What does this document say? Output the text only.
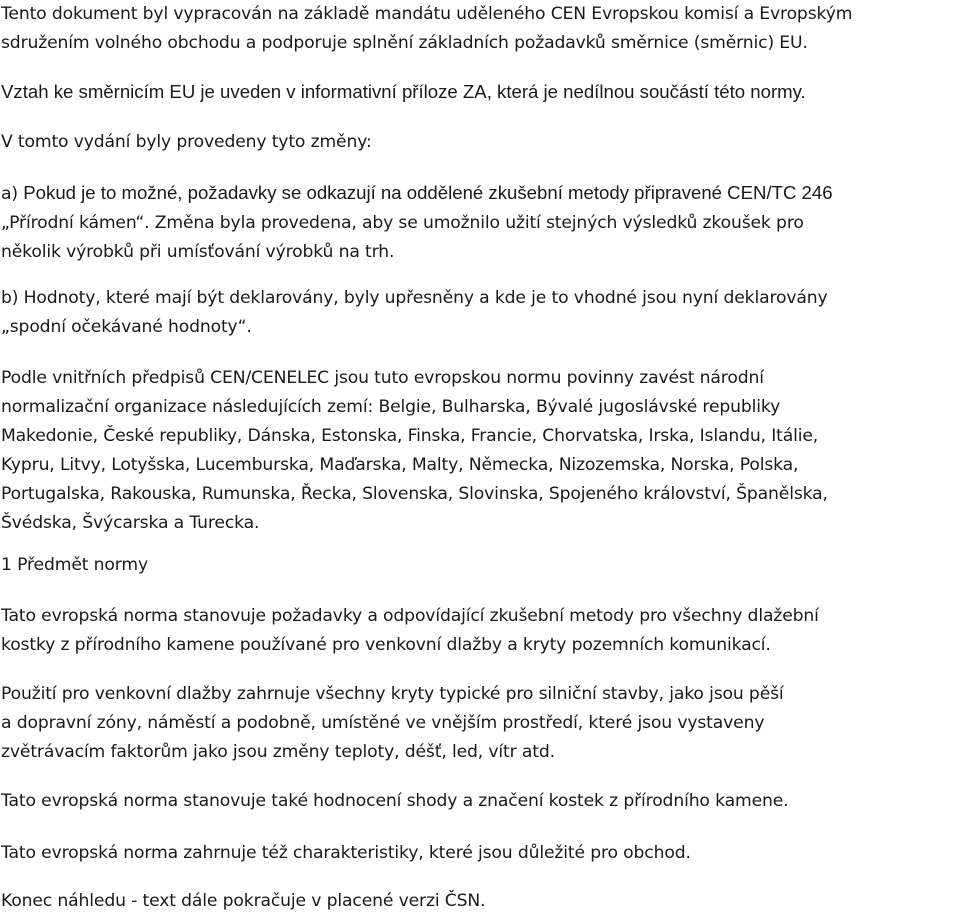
Tento dokument byl vypracován na základě mandátu uděleného CEN Evropskou komisí a Evropským
sdružením volného obchodu a podporuje splnění základních požadavků směrnice (směrnic) EU.

Vztah ke směrnicím EU je uveden v informativní příloze ZA, která je nedílnou součástí této normy.

V tomto vydání byly provedeny tyto změny:

a) Pokud je to možné, požadavky se odkazují na oddělené zkušební metody připravené CEN/TC 246
„Přírodní kámen“. Změna byla provedena, aby se umožnilo užití stejných výsledků zkoušek pro
několik výrobků při umísťování výrobků na trh.
b) Hodnoty, které mají být deklarovány, byly upřesněny a kde je to vhodné jsou nyní deklarovány
„spodní očekávané hodnoty“.

Podle vnitřních předpisů CEN/CENELEC jsou tuto evropskou normu povinny zavést národní
normalizační organizace následujících zemí: Belgie, Bulharska, Bývalé jugoslávské republiky
Makedonie, České republiky, Dánska, Estonska, Finska, Francie, Chorvatska, Irska, Islandu, Itálie,
Kypru, Litvy, Lotyšska, Lucemburska, Maďarska, Malty, Německa, Nizozemska, Norska, Polska,
Portugalska, Rakouska, Rumunska, Řecka, Slovenska, Slovinska, Spojeného království, Španělska,
Švédska, Švýcarska a Turecka.

1 Předmět normy

Tato evropská norma stanovuje požadavky a odpovídající zkušební metody pro všechny dlažební
kostky z přírodního kamene používané pro venkovní dlažby a kryty pozemních komunikací.

Použití pro venkovní dlažby zahrnuje všechny kryty typické pro silniční stavby, jako jsou pěší
a dopravní zóny, náměstí a podobně, umístěné ve vnějším prostředí, které jsou vystaveny
zvětrávacím faktorům jako jsou změny teploty, déšť, led, vítr atd.

Tato evropská norma stanovuje také hodnocení shody a značení kostek z přírodního kamene.

Tato evropská norma zahrnuje též charakteristiky, které jsou důležité pro obchod.

Konec náhledu - text dále pokračuje v placené verzi ČSN.
